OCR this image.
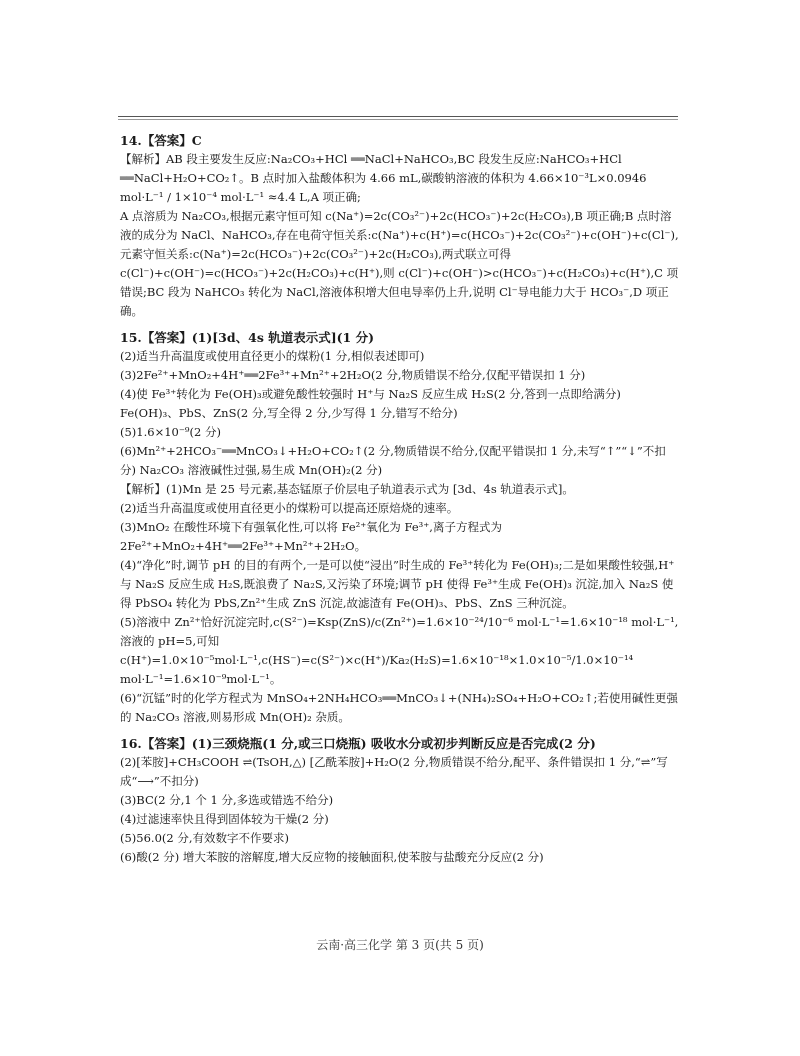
14.【答案】C

【解析】AB 段主要发生反应:Na₂CO₃+HCl ══NaCl+NaHCO₃,BC 段发生反应:NaHCO₃+HCl ══NaCl+H₂O+CO₂↑。B 点时加入盐酸体积为 4.66 mL,碳酸钠溶液的体积为 4.66×10⁻³L×0.0946 mol·L⁻¹ / 1×10⁻⁴ mol·L⁻¹ ≈4.4 L,A 项正确;

A 点溶质为 Na₂CO₃,根据元素守恒可知 c(Na⁺)=2c(CO₃²⁻)+2c(HCO₃⁻)+2c(H₂CO₃),B 项正确;B 点时溶液的成分为 NaCl、NaHCO₃,存在电荷守恒关系:c(Na⁺)+c(H⁺)=c(HCO₃⁻)+2c(CO₃²⁻)+c(OH⁻)+c(Cl⁻),元素守恒关系:c(Na⁺)=2c(HCO₃⁻)+2c(CO₃²⁻)+2c(H₂CO₃),两式联立可得 c(Cl⁻)+c(OH⁻)=c(HCO₃⁻)+2c(H₂CO₃)+c(H⁺),则 c(Cl⁻)+c(OH⁻)>c(HCO₃⁻)+c(H₂CO₃)+c(H⁺),C 项错误;BC 段为 NaHCO₃ 转化为 NaCl,溶液体积增大但电导率仍上升,说明 Cl⁻导电能力大于 HCO₃⁻,D 项正确。

15.【答案】(1)[3d、4s 轨道表示式](1 分)

(2)适当升高温度或使用直径更小的煤粉(1 分,相似表述即可)

(3)2Fe²⁺+MnO₂+4H⁺══2Fe³⁺+Mn²⁺+2H₂O(2 分,物质错误不给分,仅配平错误扣 1 分)

(4)使 Fe³⁺转化为 Fe(OH)₃或避免酸性较强时 H⁺与 Na₂S 反应生成 H₂S(2 分,答到一点即给满分) Fe(OH)₃、PbS、ZnS(2 分,写全得 2 分,少写得 1 分,错写不给分)

(5)1.6×10⁻⁹(2 分)

(6)Mn²⁺+2HCO₃⁻══MnCO₃↓+H₂O+CO₂↑(2 分,物质错误不给分,仅配平错误扣 1 分,未写“↑”“↓”不扣分) Na₂CO₃ 溶液碱性过强,易生成 Mn(OH)₂(2 分)

【解析】(1)Mn 是 25 号元素,基态锰原子价层电子轨道表示式为 [3d、4s 轨道表示式]。

(2)适当升高温度或使用直径更小的煤粉可以提高还原焙烧的速率。

(3)MnO₂ 在酸性环境下有强氧化性,可以将 Fe²⁺氧化为 Fe³⁺,离子方程式为 2Fe²⁺+MnO₂+4H⁺══2Fe³⁺+Mn²⁺+2H₂O。

(4)“净化”时,调节 pH 的目的有两个,一是可以使“浸出”时生成的 Fe³⁺转化为 Fe(OH)₃;二是如果酸性较强,H⁺与 Na₂S 反应生成 H₂S,既浪费了 Na₂S,又污染了环境;调节 pH 使得 Fe³⁺生成 Fe(OH)₃ 沉淀,加入 Na₂S 使得 PbSO₄ 转化为 PbS,Zn²⁺生成 ZnS 沉淀,故滤渣有 Fe(OH)₃、PbS、ZnS 三种沉淀。

(5)溶液中 Zn²⁺恰好沉淀完时,c(S²⁻)=Ksp(ZnS)/c(Zn²⁺)=1.6×10⁻²⁴/10⁻⁶ mol·L⁻¹=1.6×10⁻¹⁸ mol·L⁻¹,溶液的 pH=5,可知 c(H⁺)=1.0×10⁻⁵mol·L⁻¹,c(HS⁻)=c(S²⁻)×c(H⁺)/Ka₂(H₂S)=1.6×10⁻¹⁸×1.0×10⁻⁵/1.0×10⁻¹⁴ mol·L⁻¹=1.6×10⁻⁹mol·L⁻¹。

(6)“沉锰”时的化学方程式为 MnSO₄+2NH₄HCO₃══MnCO₃↓+(NH₄)₂SO₄+H₂O+CO₂↑;若使用碱性更强的 Na₂CO₃ 溶液,则易形成 Mn(OH)₂ 杂质。

16.【答案】(1)三颈烧瓶(1 分,或三口烧瓶) 吸收水分或初步判断反应是否完成(2 分)

(2)[苯胺]+CH₃COOH ⇌(TsOH,△) [乙酰苯胺]+H₂O(2 分,物质错误不给分,配平、条件错误扣 1 分,“⇌”写成“⟶”不扣分)

(3)BC(2 分,1 个 1 分,多选或错选不给分)

(4)过滤速率快且得到固体较为干燥(2 分)

(5)56.0(2 分,有效数字不作要求)

(6)酸(2 分) 增大苯胺的溶解度,增大反应物的接触面积,使苯胺与盐酸充分反应(2 分)

云南·高三化学 第 3 页(共 5 页)
